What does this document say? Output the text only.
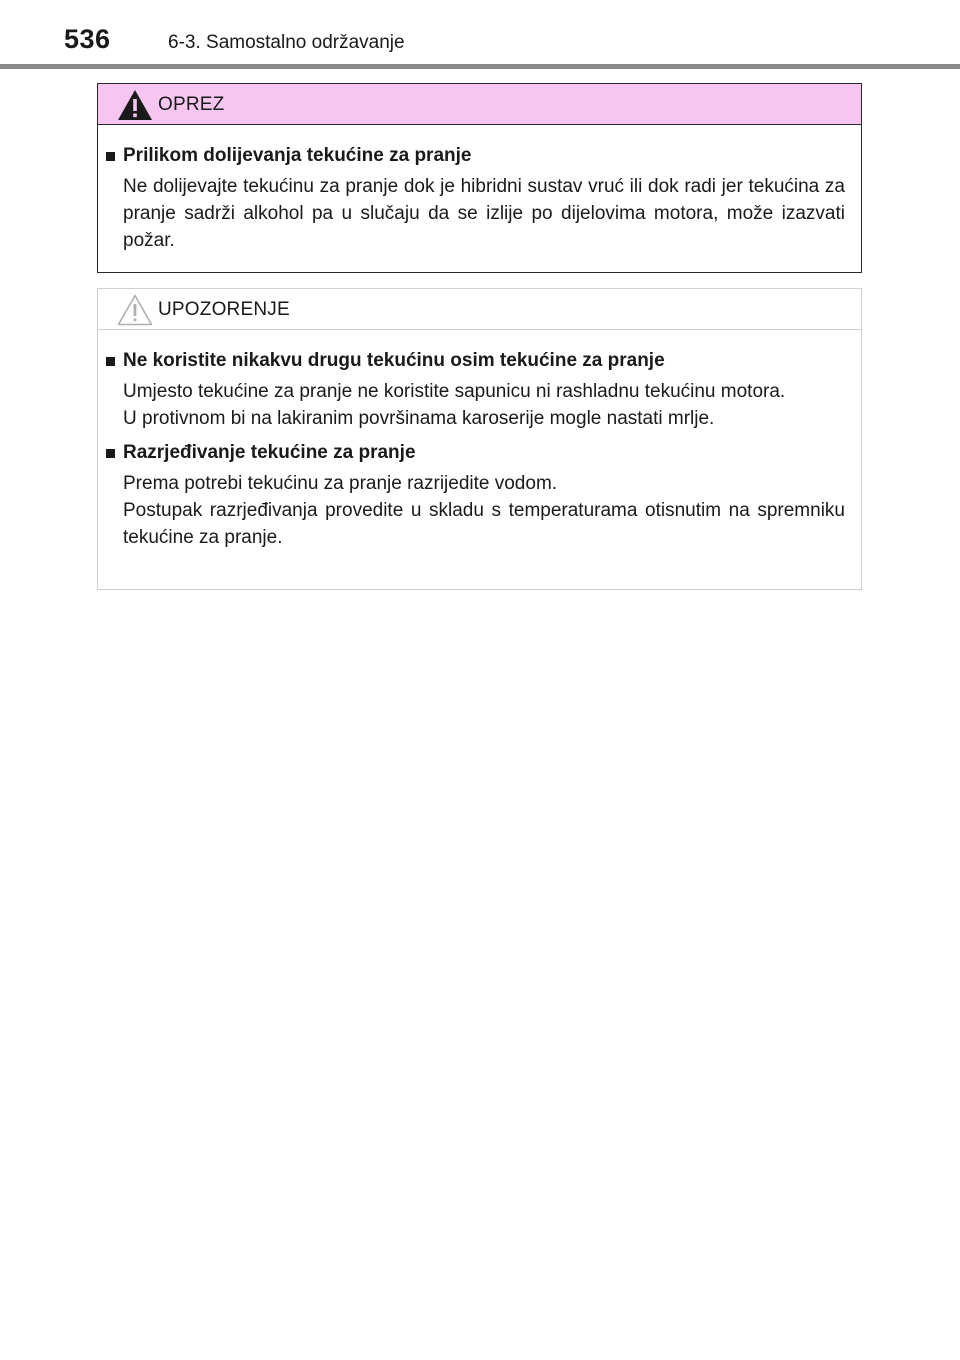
536	6-3. Samostalno održavanje
OPREZ
Prilikom dolijevanja tekućine za pranje

Ne dolijevajte tekućinu za pranje dok je hibridni sustav vruć ili dok radi jer tekućina za pranje sadrži alkohol pa u slučaju da se izlije po dijelovima motora, može izazvati požar.

UPOZORENJE
Ne koristite nikakvu drugu tekućinu osim tekućine za pranje

Umjesto tekućine za pranje ne koristite sapunicu ni rashladnu tekućinu motora.

U protivnom bi na lakiranim površinama karoserije mogle nastati mrlje.

Razrjeđivanje tekućine za pranje

Prema potrebi tekućinu za pranje razrijedite vodom.

Postupak razrjeđivanja provedite u skladu s temperaturama otisnutim na spremniku tekućine za pranje.
